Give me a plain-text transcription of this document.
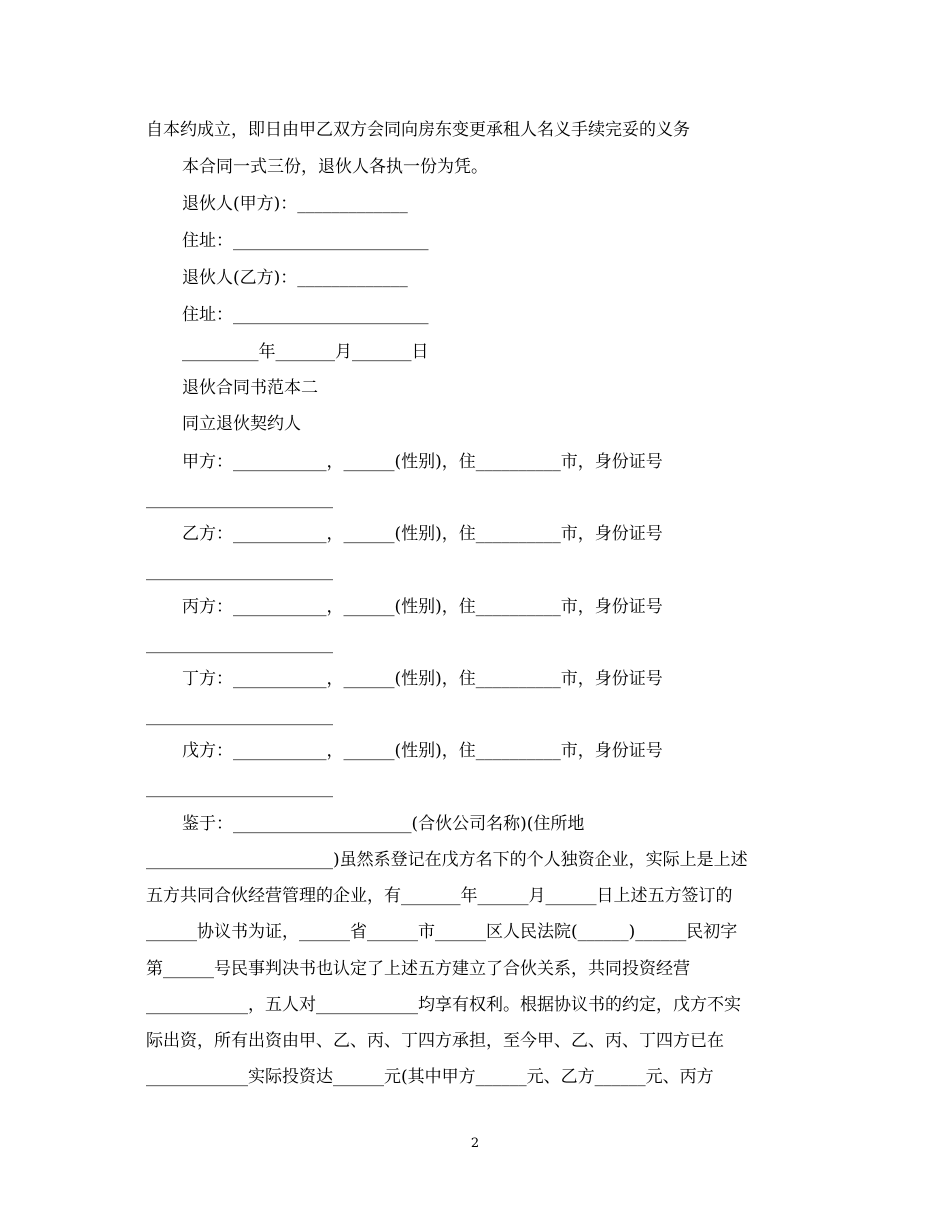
自本约成立，即日由甲乙双方会同向房东变更承租人名义手续完妥的义务
本合同一式三份，退伙人各执一份为凭。
退伙人(甲方)：_____________
住址：_______________________
退伙人(乙方)：_____________
住址：_______________________
_________年_______月_______日
退伙合同书范本二
同立退伙契约人
甲方：___________，______(性别)，住__________市，身份证号
______________________
乙方：___________，______(性别)，住__________市，身份证号
______________________
丙方：___________，______(性别)，住__________市，身份证号
______________________
丁方：___________，______(性别)，住__________市，身份证号
______________________
戊方：___________，______(性别)，住__________市，身份证号
______________________
鉴于：_____________________(合伙公司名称)(住所地
______________________)虽然系登记在戊方名下的个人独资企业，实际上是上述
五方共同合伙经营管理的企业，有_______年______月______日上述五方签订的
______协议书为证，______省______市______区人民法院(______)______民初字
第______号民事判决书也认定了上述五方建立了合伙关系，共同投资经营
____________，五人对____________均享有权利。根据协议书的约定，戊方不实
际出资，所有出资由甲、乙、丙、丁四方承担，至今甲、乙、丙、丁四方已在
____________实际投资达______元(其中甲方______元、乙方______元、丙方
2
